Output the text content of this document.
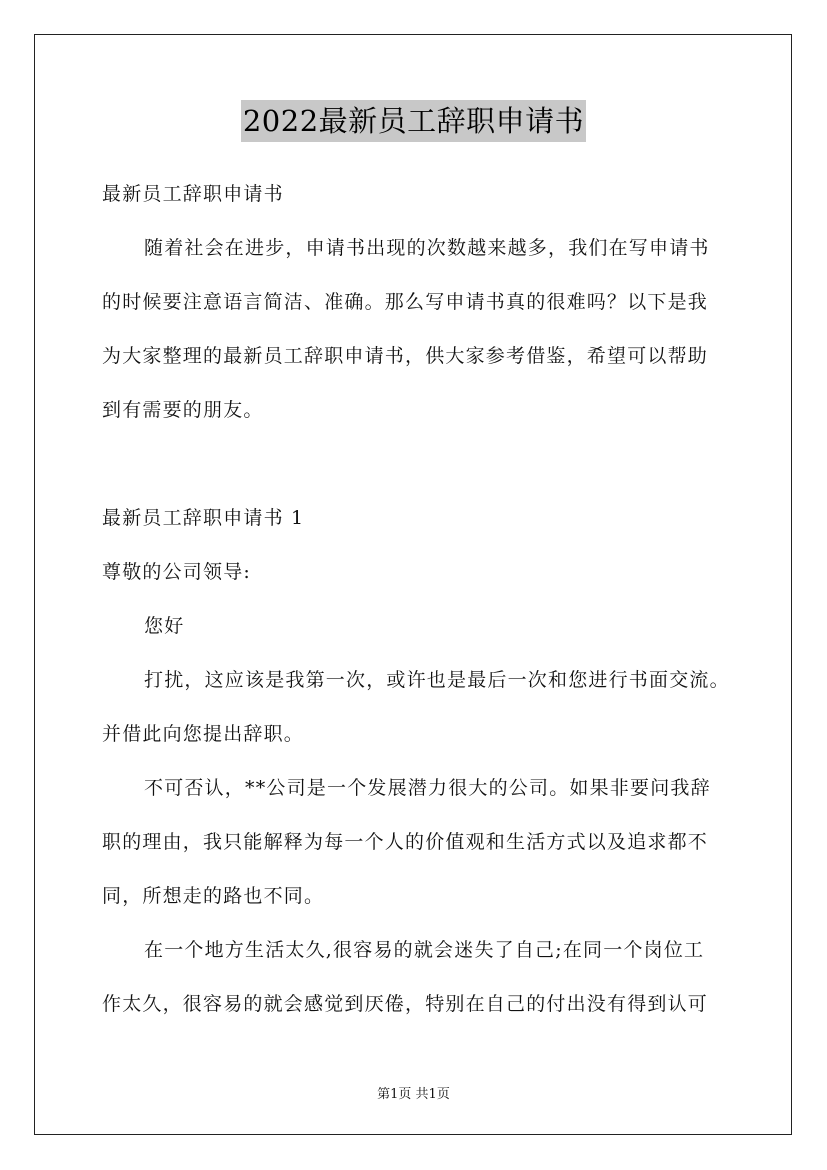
2022最新员工辞职申请书
最新员工辞职申请书
随着社会在进步，申请书出现的次数越来越多，我们在写申请书
的时候要注意语言简洁、准确。那么写申请书真的很难吗？以下是我
为大家整理的最新员工辞职申请书，供大家参考借鉴，希望可以帮助
到有需要的朋友。
最新员工辞职申请书 1
尊敬的公司领导:
您好
打扰，这应该是我第一次，或许也是最后一次和您进行书面交流。
并借此向您提出辞职。
不可否认，**公司是一个发展潜力很大的公司。如果非要问我辞
职的理由，我只能解释为每一个人的价值观和生活方式以及追求都不
同，所想走的路也不同。
在一个地方生活太久,很容易的就会迷失了自己;在同一个岗位工
作太久，很容易的就会感觉到厌倦，特别在自己的付出没有得到认可
第1页 共1页
